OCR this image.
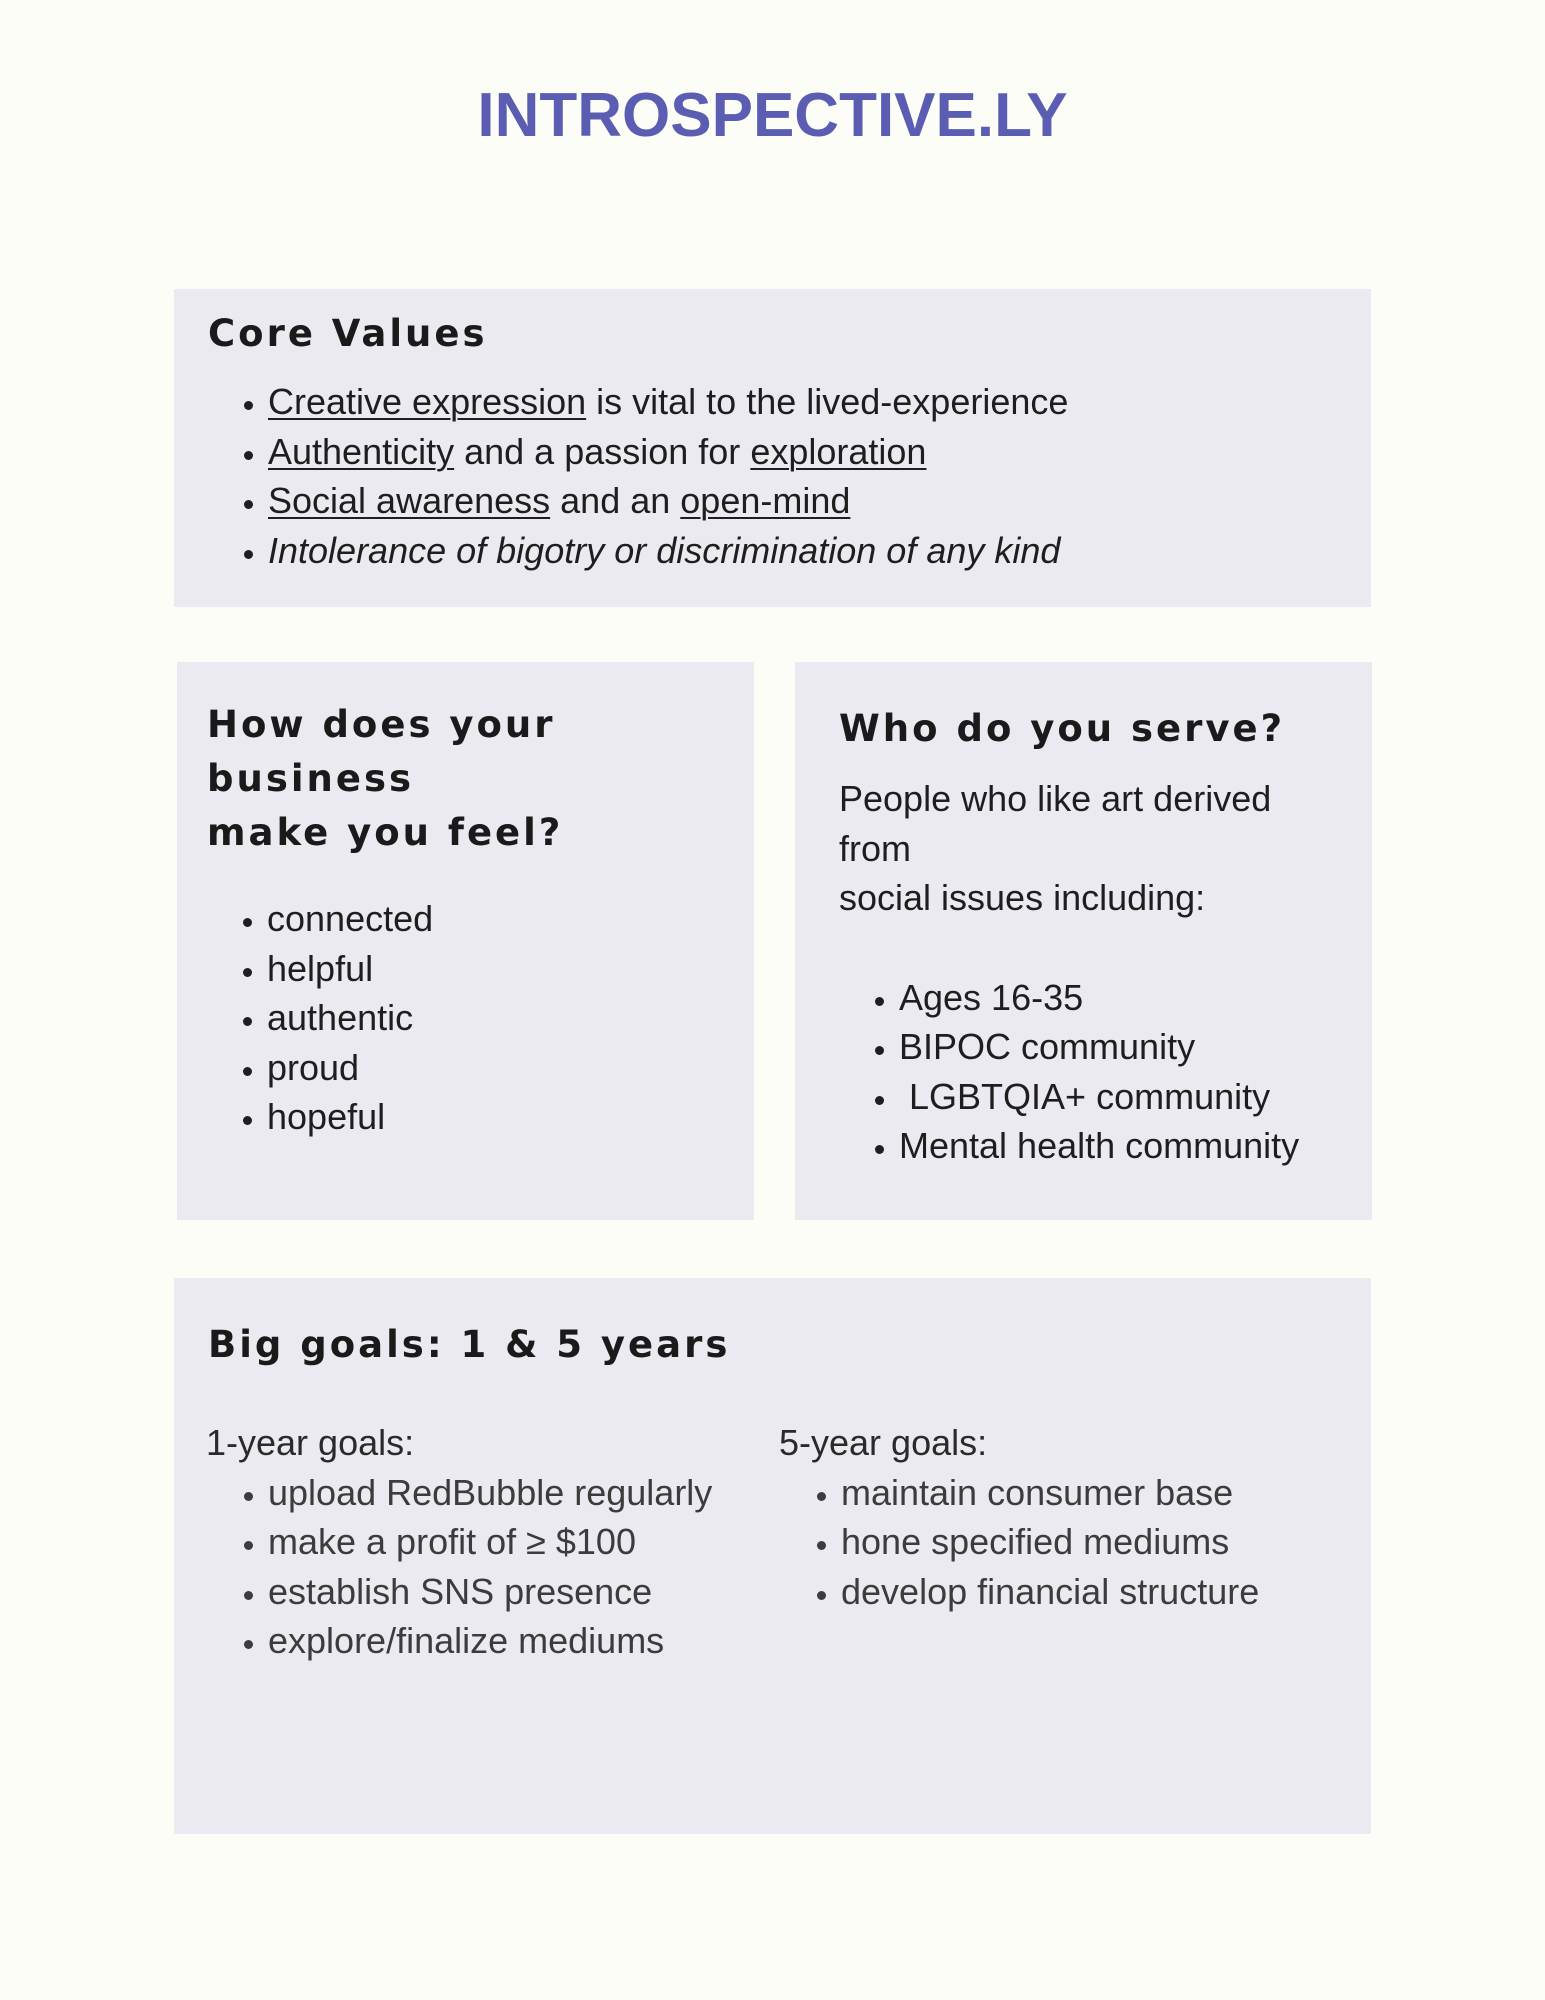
INTROSPECTIVE.LY
Core Values
• Creative expression is vital to the lived-experience
• Authenticity and a passion for exploration
• Social awareness and an open-mind
• Intolerance of bigotry or discrimination of any kind
How does your business
make you feel?
• connected
• helpful
• authentic
• proud
• hopeful
Who do you serve?

People who like art derived from
social issues including:

• Ages 16-35
• BIPOC community
•  LGBTQIA+ community
• Mental health community
Big goals: 1 & 5 years

1-year goals:

• upload RedBubble regularly
• make a profit of ≥ $100
• establish SNS presence
• explore/finalize mediums

5-year goals:

• maintain consumer base
• hone specified mediums
• develop financial structure
